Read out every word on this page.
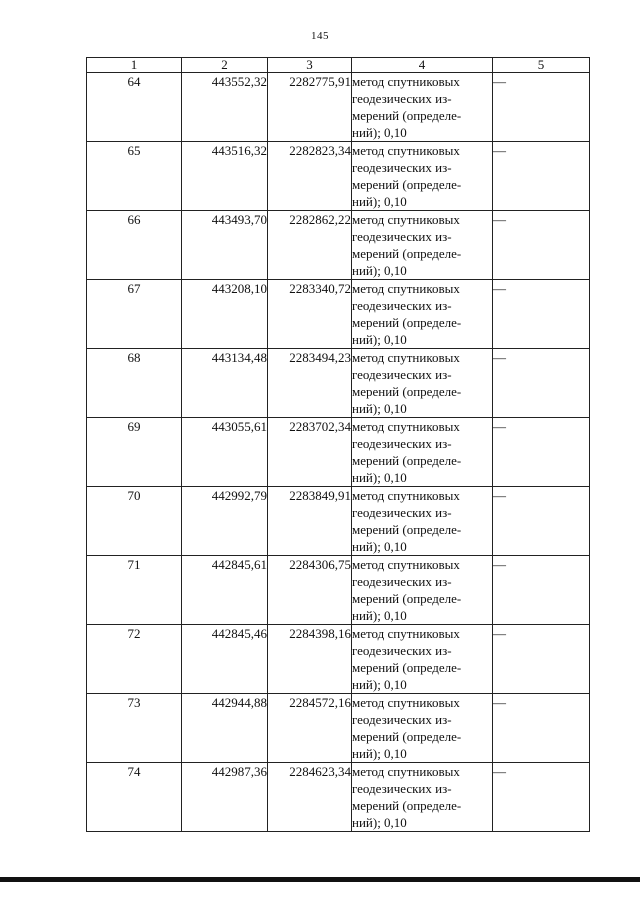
145
1	2	3	4	5
64	443552,32	2282775,91	метод спутниковых
геодезических из-
мерений (определе-
ний); 0,10	—
65	443516,32	2282823,34	метод спутниковых
геодезических из-
мерений (определе-
ний); 0,10	—
66	443493,70	2282862,22	метод спутниковых
геодезических из-
мерений (определе-
ний); 0,10	—
67	443208,10	2283340,72	метод спутниковых
геодезических из-
мерений (определе-
ний); 0,10	—
68	443134,48	2283494,23	метод спутниковых
геодезических из-
мерений (определе-
ний); 0,10	—
69	443055,61	2283702,34	метод спутниковых
геодезических из-
мерений (определе-
ний); 0,10	—
70	442992,79	2283849,91	метод спутниковых
геодезических из-
мерений (определе-
ний); 0,10	—
71	442845,61	2284306,75	метод спутниковых
геодезических из-
мерений (определе-
ний); 0,10	—
72	442845,46	2284398,16	метод спутниковых
геодезических из-
мерений (определе-
ний); 0,10	—
73	442944,88	2284572,16	метод спутниковых
геодезических из-
мерений (определе-
ний); 0,10	—
74	442987,36	2284623,34	метод спутниковых
геодезических из-
мерений (определе-
ний); 0,10	—
